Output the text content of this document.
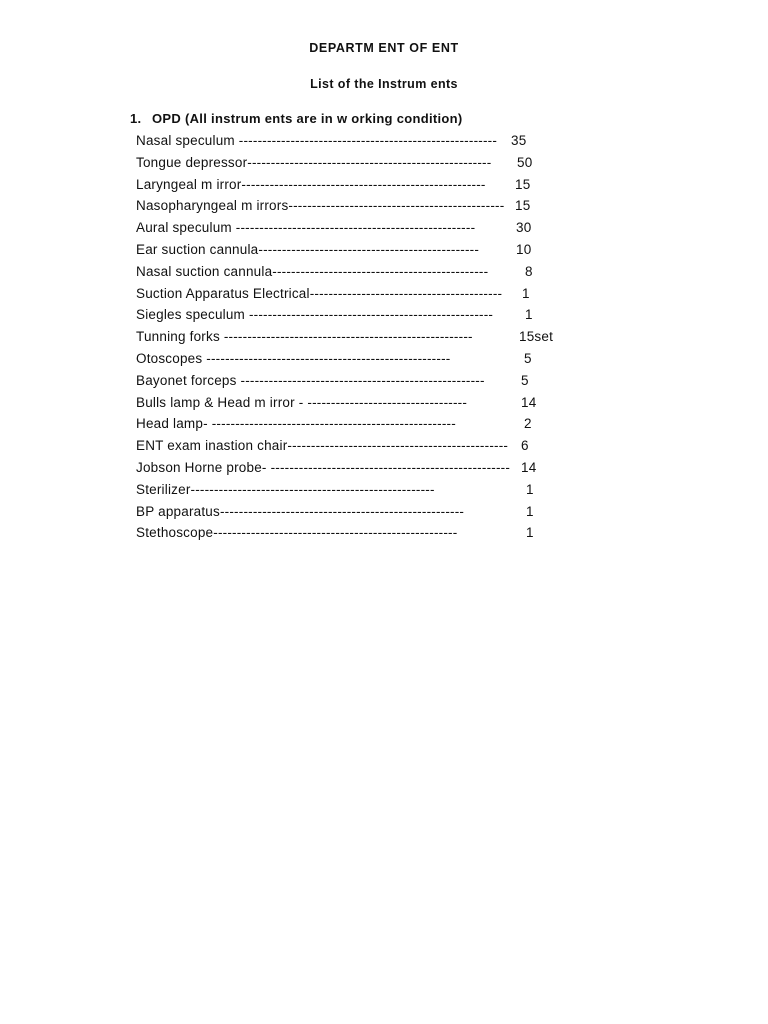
DEPARTM ENT OF ENT
List of the Instrum ents
1. OPD (All instrum ents are in w orking condition)
Nasal speculum ------------------------------------------------------- 35
Tongue depressor---------------------------------------------------- 50
Laryngeal m irror---------------------------------------------------- 15
Nasopharyngeal m irrors---------------------------------------------- 15
Aural speculum ---------------------------------------------------	30
Ear suction cannula-----------------------------------------------	10
Nasal suction cannula----------------------------------------------	8
Suction Apparatus Electrical----------------------------------------- 1
Siegles speculum ---------------------------------------------------- 1
Tunning forks -----------------------------------------------------	15set
Otoscopes ----------------------------------------------------	5
Bayonet forceps ----------------------------------------------------	5
Bulls lamp & Head m irror - ----------------------------------	14
Head lamp- ----------------------------------------------------	2
ENT exam inastion chair----------------------------------------------- 6
Jobson Horne probe- --------------------------------------------------- 14
Sterilizer----------------------------------------------------	1
BP apparatus----------------------------------------------------	1
Stethoscope----------------------------------------------------	1
